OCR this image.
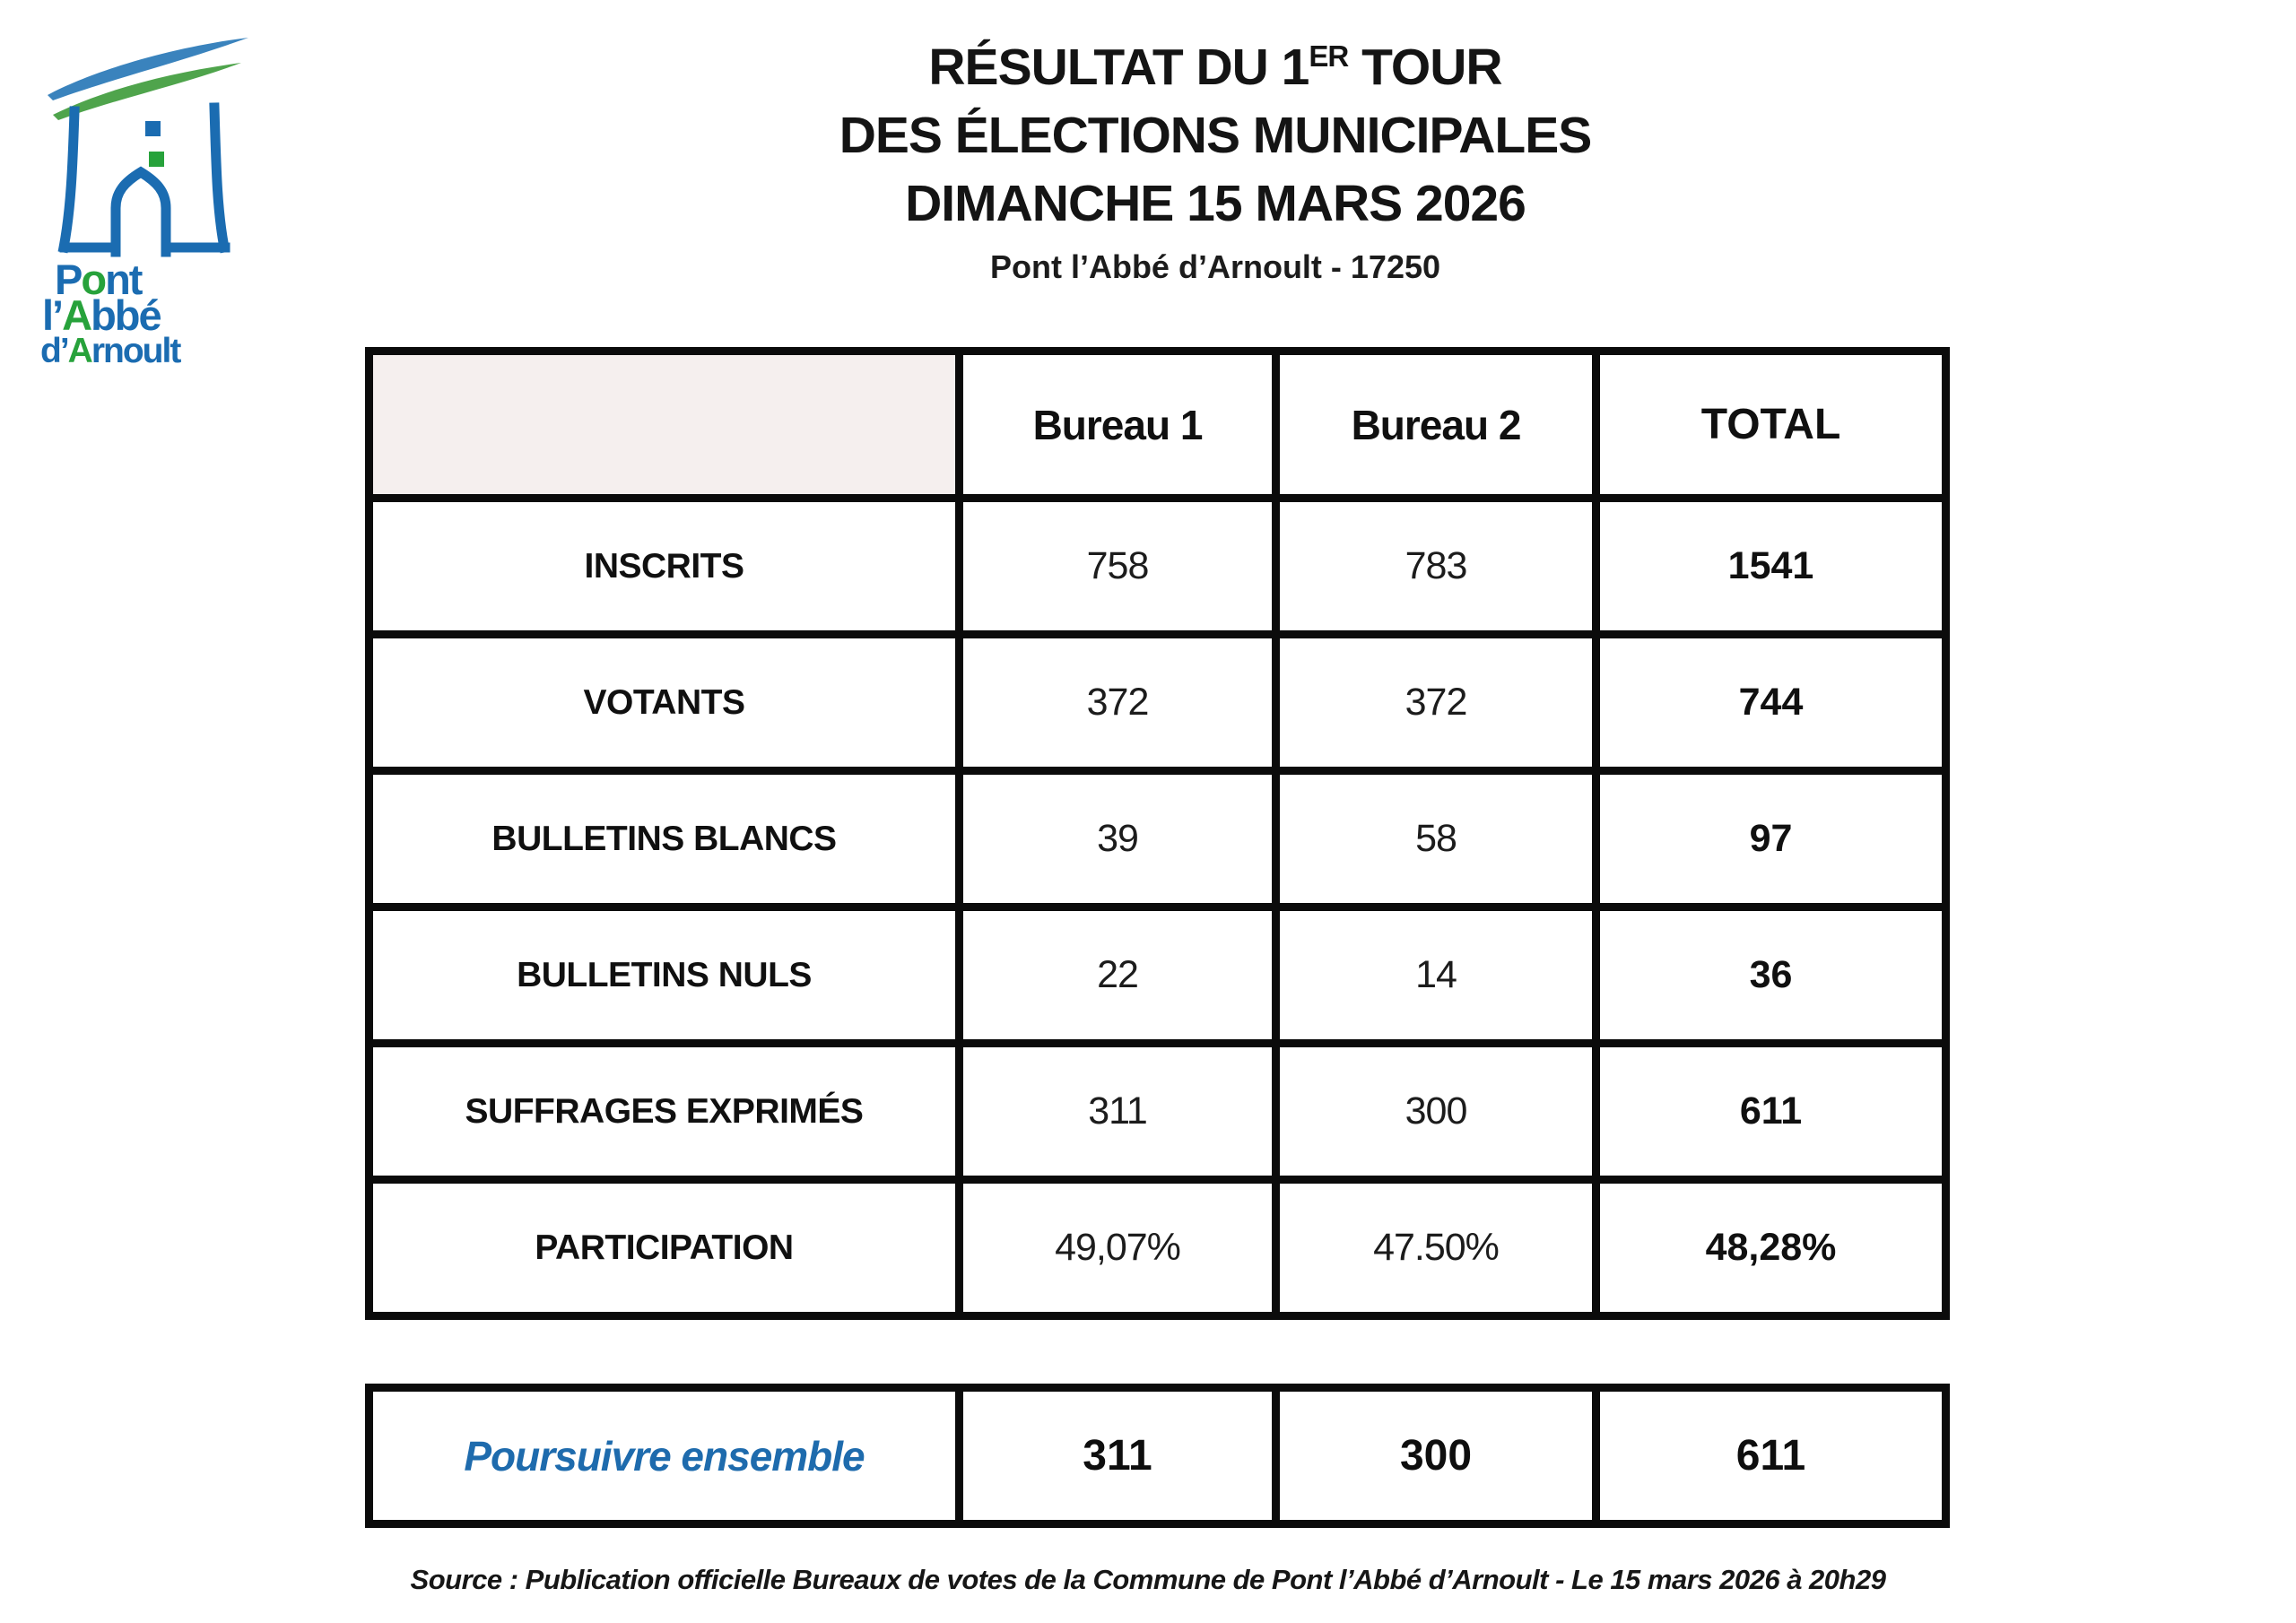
Pont
l’Abbé
d’Arnoult
RÉSULTAT DU 1ER TOUR
DES ÉLECTIONS MUNICIPALES
DIMANCHE 15 MARS 2026
Pont l’Abbé d’Arnoult - 17250
	Bureau 1	Bureau 2	TOTAL
INSCRITS	758	783	1541
VOTANTS	372	372	744
BULLETINS BLANCS	39	58	97
BULLETINS NULS	22	14	36
SUFFRAGES EXPRIMÉS	311	300	611
PARTICIPATION	49,07%	47.50%	48,28%
Poursuivre ensemble	311	300	611
Source : Publication officielle Bureaux de votes de la Commune de Pont l’Abbé d’Arnoult - Le 15 mars 2026 à 20h29
